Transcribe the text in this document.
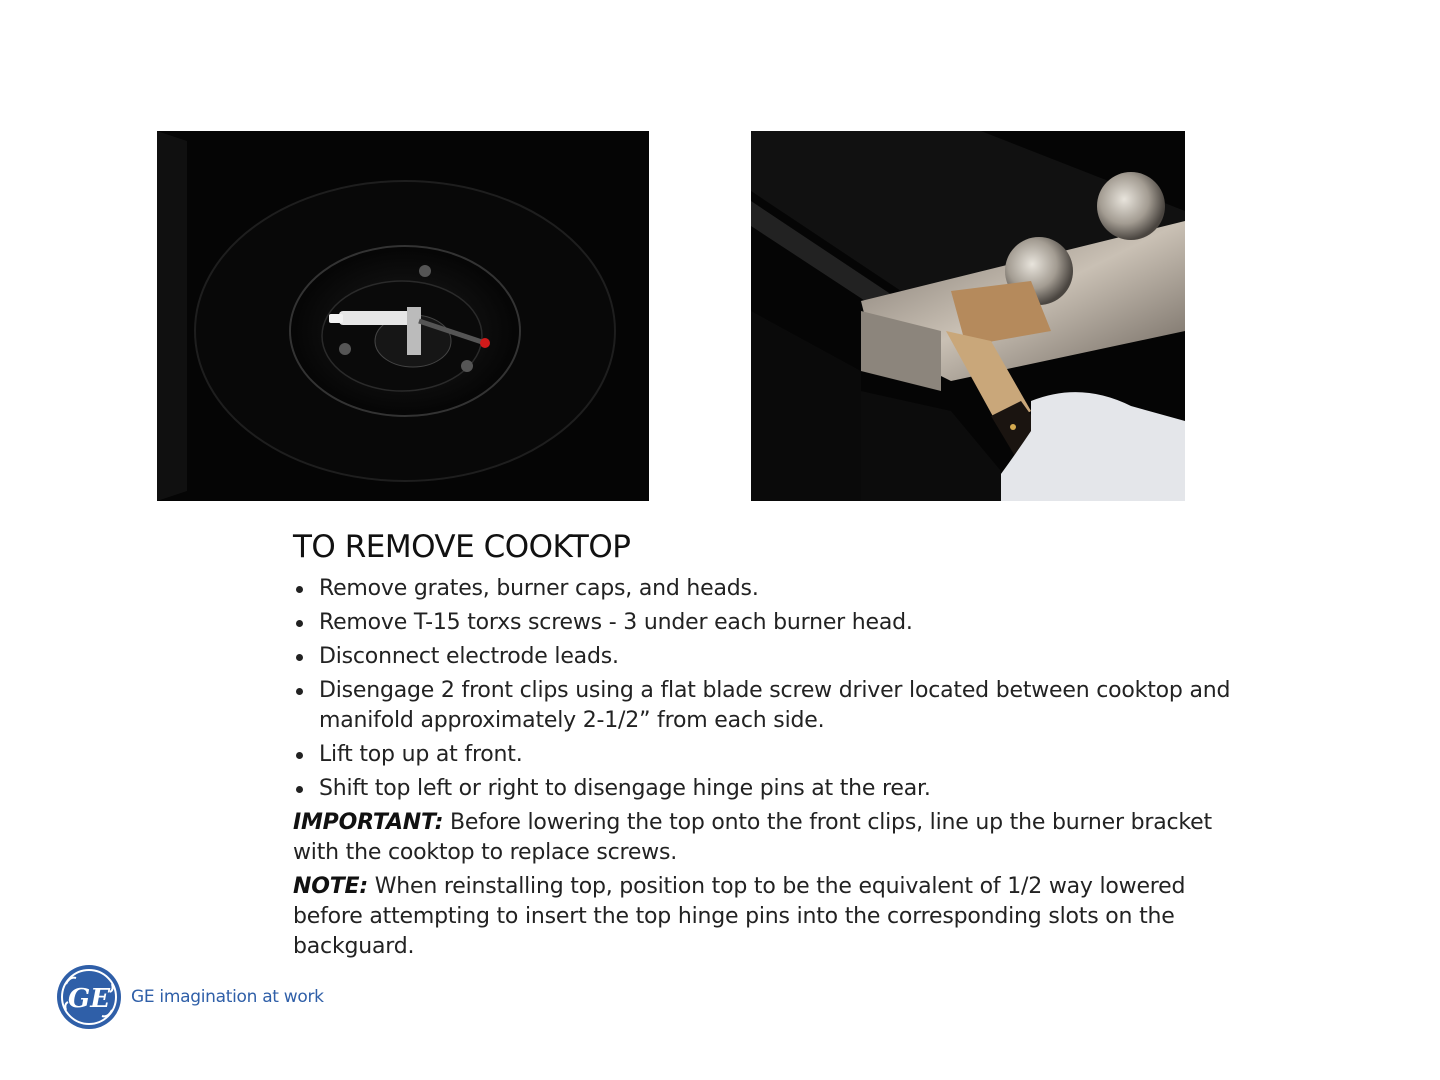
TO REMOVE COOKTOP
Remove grates, burner caps, and heads.
Remove T-15 torxs screws - 3 under each burner head.
Disconnect electrode leads.
Disengage 2 front clips using a flat blade screw driver located between cooktop and manifold approximately 2-1/2” from each side.
Lift top up at front.
Shift top left or right to disengage hinge pins at the rear.

IMPORTANT: Before lowering the top onto the front clips, line up the burner bracket with the cooktop to replace screws.

NOTE: When reinstalling top, position top to be the equivalent of 1/2 way lowered before attempting to insert the top hinge pins into the corresponding slots on the backguard.

GE GE imagination at work
